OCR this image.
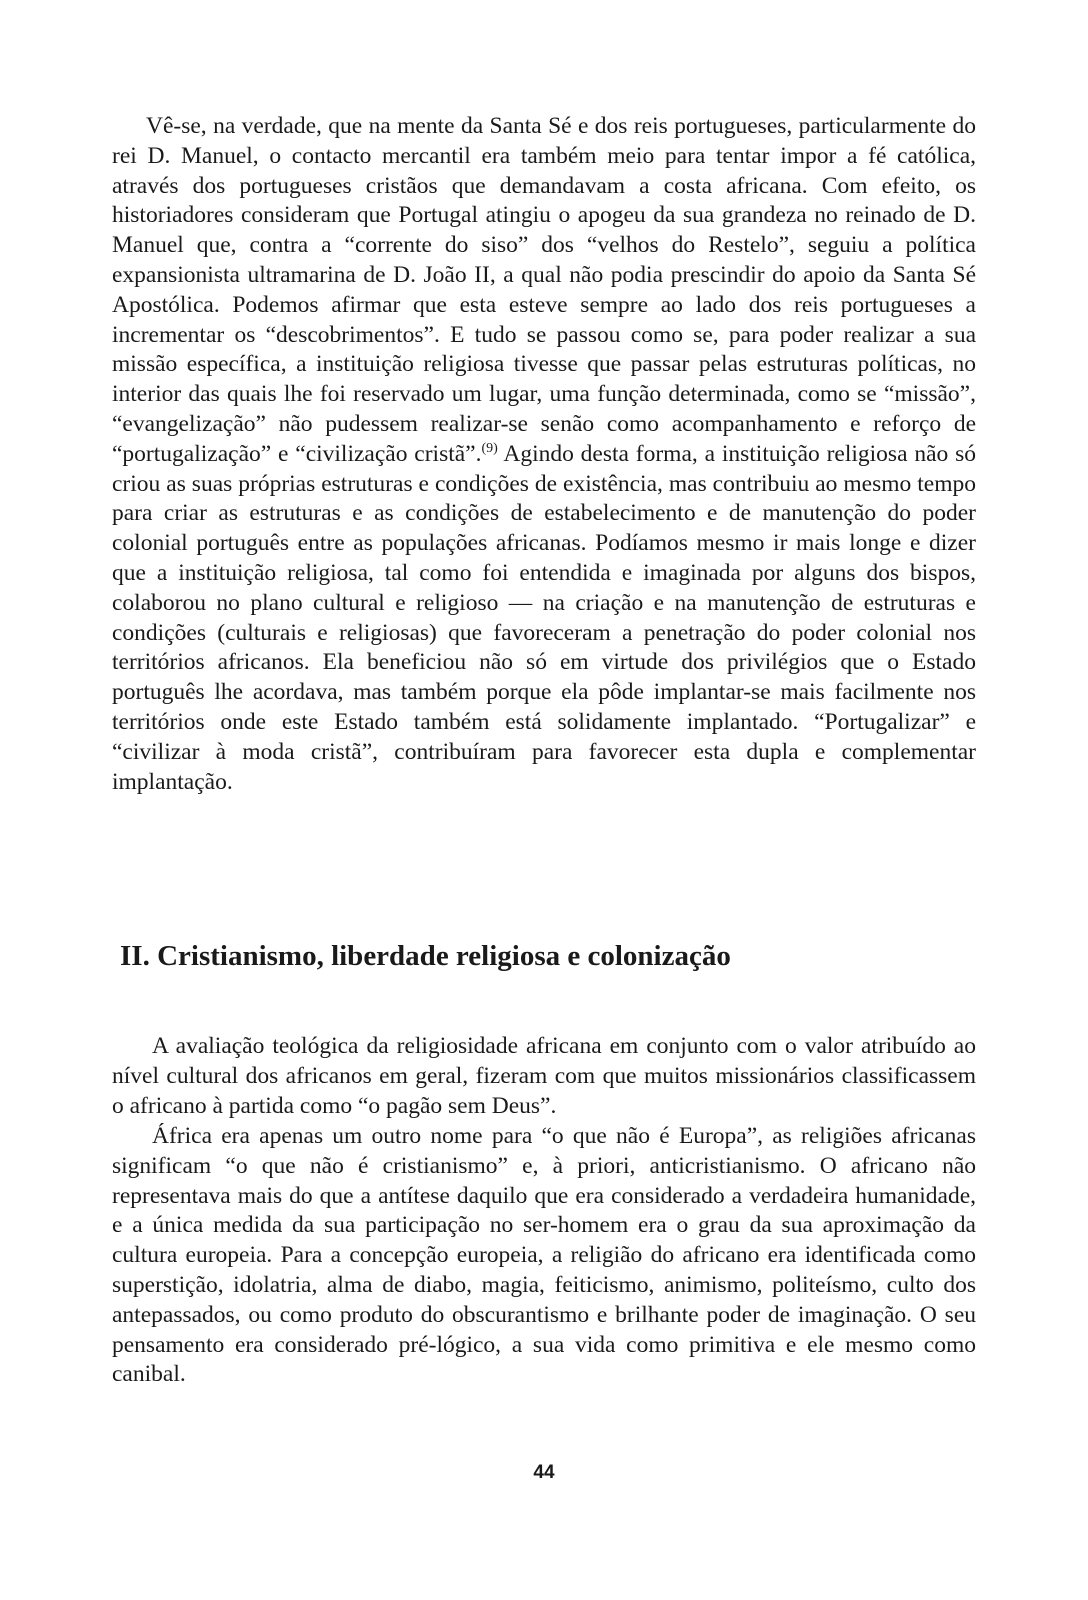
Vê-se, na verdade, que na mente da Santa Sé e dos reis portugueses, particularmente do rei D. Manuel, o contacto mercantil era também meio para tentar impor a fé católica, através dos portugueses cristãos que demandavam a costa africana. Com efeito, os historiadores consideram que Portugal atingiu o apogeu da sua grandeza no reinado de D. Manuel que, contra a “corrente do siso” dos “velhos do Restelo”, seguiu a política expansionista ultramarina de D. João II, a qual não podia prescindir do apoio da Santa Sé Apostólica. Podemos afirmar que esta esteve sempre ao lado dos reis portugueses a incrementar os “descobrimentos”. E tudo se passou como se, para poder realizar a sua missão específica, a instituição religiosa tivesse que passar pelas estruturas políticas, no interior das quais lhe foi reservado um lugar, uma função determinada, como se “missão”, “evangelização” não pudessem realizar-se senão como acompanhamento e reforço de “portugalização” e “civilização cristã”.$^{(9)}$ Agindo desta forma, a instituição religiosa não só criou as suas próprias estruturas e condições de existência, mas contribuiu ao mesmo tempo para criar as estruturas e as condições de estabelecimento e de manutenção do poder colonial português entre as populações africanas. Podíamos mesmo ir mais longe e dizer que a instituição religiosa, tal como foi entendida e imaginada por alguns dos bispos, colaborou no plano cultural e religioso — na criação e na manutenção de estruturas e condições (culturais e religiosas) que favoreceram a penetração do poder colonial nos territórios africanos. Ela beneficiou não só em virtude dos privilégios que o Estado português lhe acordava, mas também porque ela pôde implantar-se mais facilmente nos territórios onde este Estado também está solidamente implantado. “Portugalizar” e “civilizar à moda cristã”, contribuíram para favorecer esta dupla e complementar implantação.

II. Cristianismo, liberdade religiosa e colonização

A avaliação teológica da religiosidade africana em conjunto com o valor atribuído ao nível cultural dos africanos em geral, fizeram com que muitos missionários classificassem o africano à partida como “o pagão sem Deus”.

África era apenas um outro nome para “o que não é Europa”, as religiões africanas significam “o que não é cristianismo” e, à priori, anticristianismo. O africano não representava mais do que a antítese daquilo que era considerado a verdadeira humanidade, e a única medida da sua participação no ser-homem era o grau da sua aproximação da cultura europeia. Para a concepção europeia, a religião do africano era identificada como superstição, idolatria, alma de diabo, magia, feiticismo, animismo, politeísmo, culto dos antepassados, ou como produto do obscurantismo e brilhante poder de imaginação. O seu pensamento era considerado pré-lógico, a sua vida como primitiva e ele mesmo como canibal.

44
